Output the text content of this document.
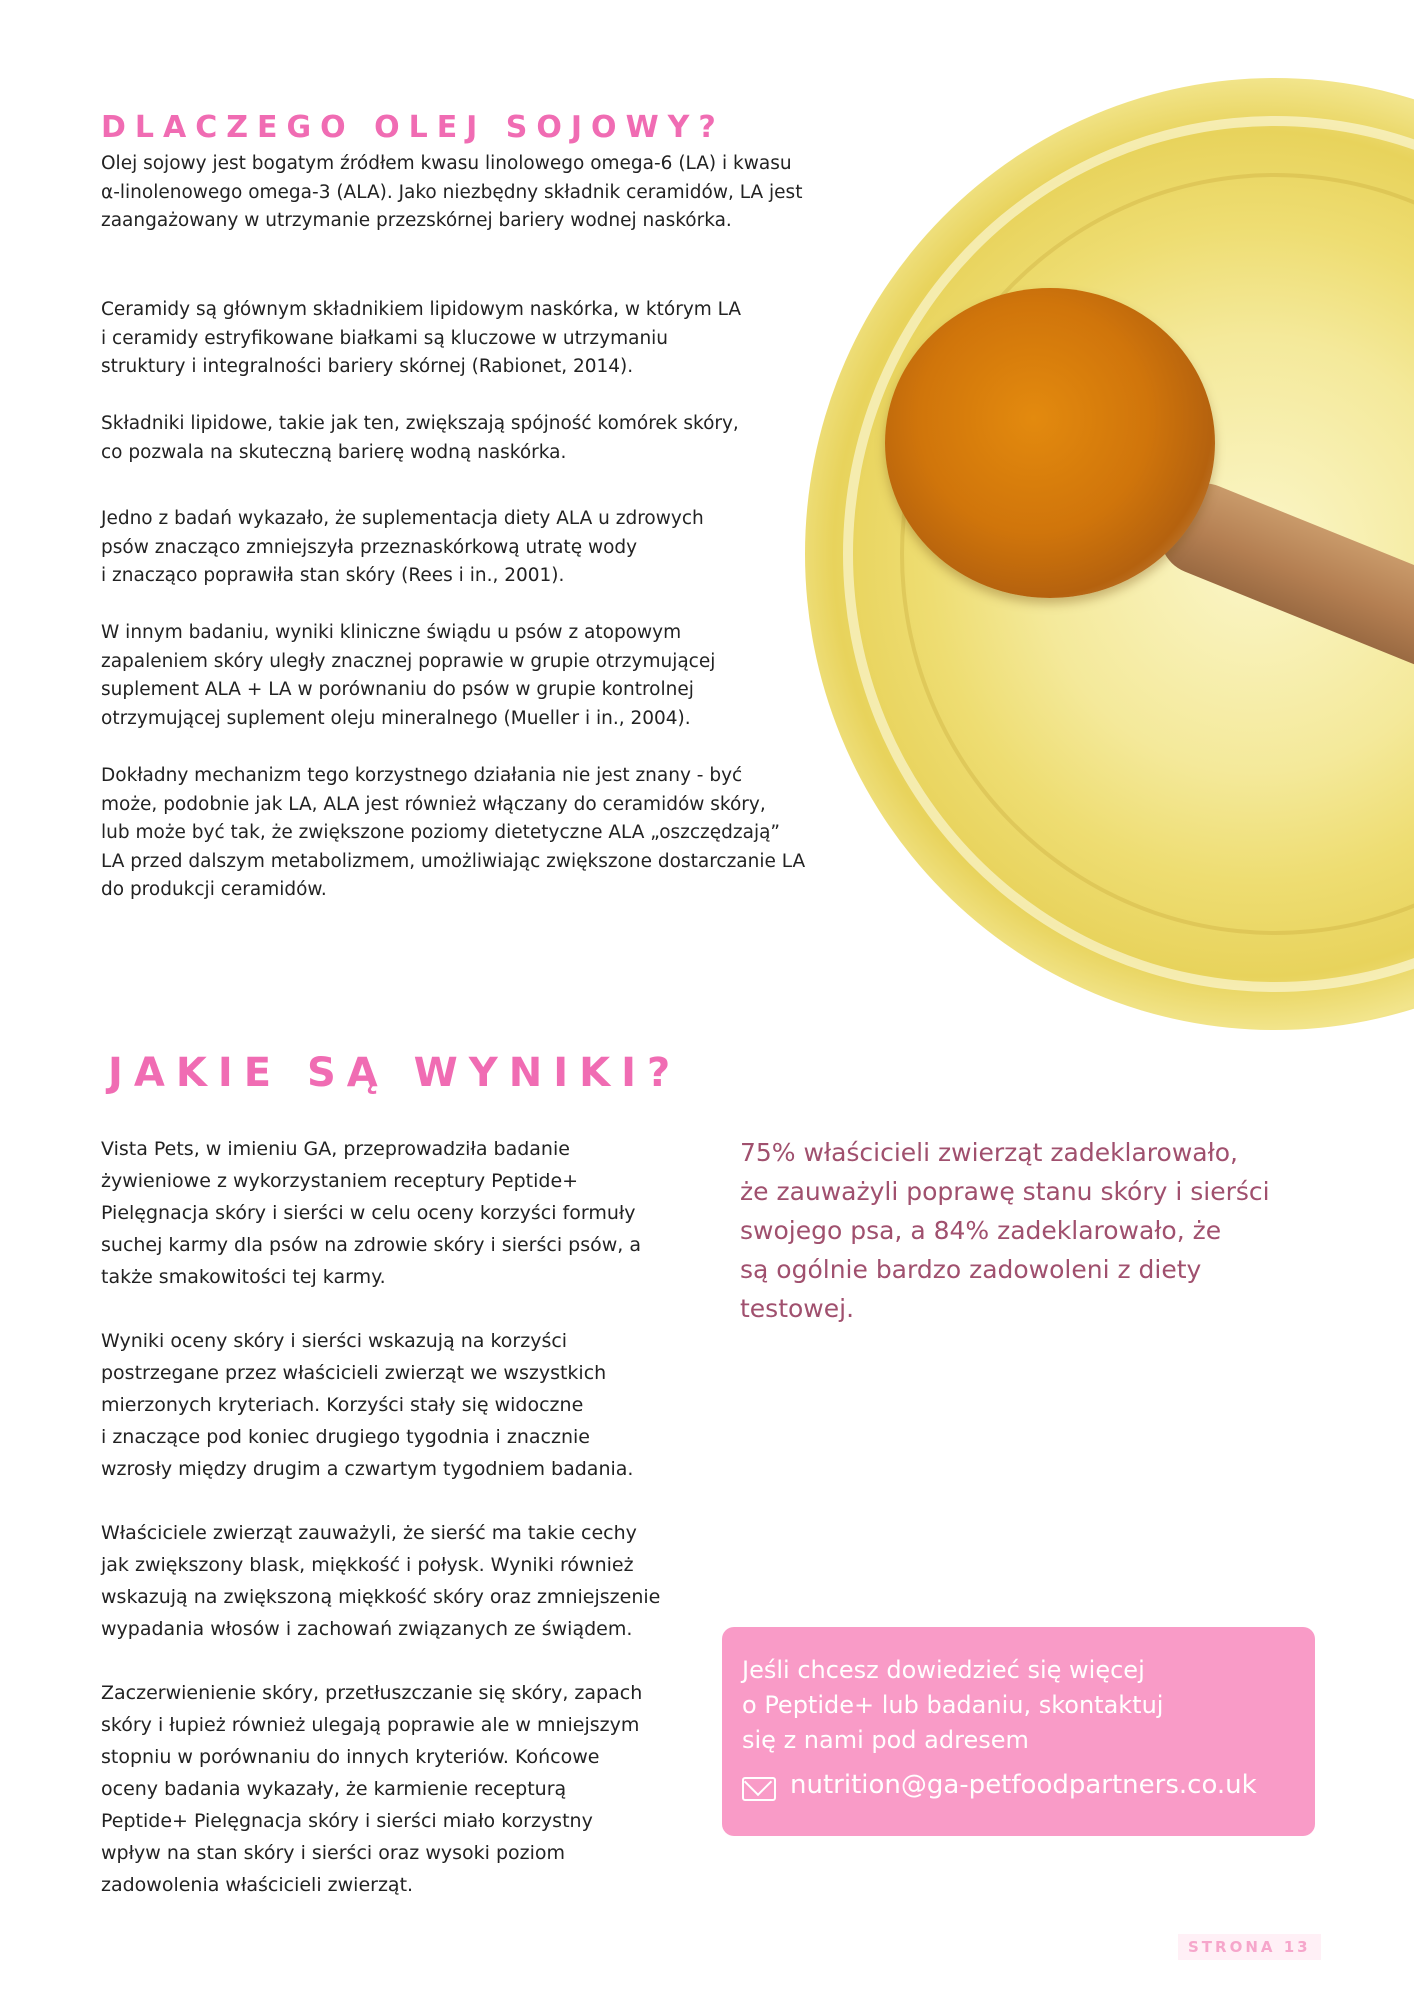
DLACZEGO OLEJ SOJOWY?

Olej sojowy jest bogatym źródłem kwasu linolowego omega-6 (LA) i kwasu
α-linolenowego omega-3 (ALA). Jako niezbędny składnik ceramidów, LA jest
zaangażowany w utrzymanie przezskórnej bariery wodnej naskórka.

Ceramidy są głównym składnikiem lipidowym naskórka, w którym LA
i ceramidy estryfikowane białkami są kluczowe w utrzymaniu
struktury i integralności bariery skórnej (Rabionet, 2014).

Składniki lipidowe, takie jak ten, zwiększają spójność komórek skóry,
co pozwala na skuteczną barierę wodną naskórka.

Jedno z badań wykazało, że suplementacja diety ALA u zdrowych
psów znacząco zmniejszyła przeznaskórkową utratę wody
i znacząco poprawiła stan skóry (Rees i in., 2001).

W innym badaniu, wyniki kliniczne świądu u psów z atopowym
zapaleniem skóry uległy znacznej poprawie w grupie otrzymującej
suplement ALA + LA w porównaniu do psów w grupie kontrolnej
otrzymującej suplement oleju mineralnego (Mueller i in., 2004).

Dokładny mechanizm tego korzystnego działania nie jest znany - być
może, podobnie jak LA, ALA jest również włączany do ceramidów skóry,
lub może być tak, że zwiększone poziomy dietetyczne ALA „oszczędzają”
LA przed dalszym metabolizmem, umożliwiając zwiększone dostarczanie LA
do produkcji ceramidów.

JAKIE SĄ WYNIKI?

Vista Pets, w imieniu GA, przeprowadziła badanie
żywieniowe z wykorzystaniem receptury Peptide+
Pielęgnacja skóry i sierści w celu oceny korzyści formuły
suchej karmy dla psów na zdrowie skóry i sierści psów, a
także smakowitości tej karmy.

Wyniki oceny skóry i sierści wskazują na korzyści
postrzegane przez właścicieli zwierząt we wszystkich
mierzonych kryteriach. Korzyści stały się widoczne
i znaczące pod koniec drugiego tygodnia i znacznie
wzrosły między drugim a czwartym tygodniem badania.

Właściciele zwierząt zauważyli, że sierść ma takie cechy
jak zwiększony blask, miękkość i połysk. Wyniki również
wskazują na zwiększoną miękkość skóry oraz zmniejszenie
wypadania włosów i zachowań związanych ze świądem.

Zaczerwienienie skóry, przetłuszczanie się skóry, zapach
skóry i łupież również ulegają poprawie ale w mniejszym
stopniu w porównaniu do innych kryteriów. Końcowe
oceny badania wykazały, że karmienie recepturą
Peptide+ Pielęgnacja skóry i sierści miało korzystny
wpływ na stan skóry i sierści oraz wysoki poziom
zadowolenia właścicieli zwierząt.

75% właścicieli zwierząt zadeklarowało,
że zauważyli poprawę stanu skóry i sierści
swojego psa, a 84% zadeklarowało, że
są ogólnie bardzo zadowoleni z diety
testowej.

Jeśli chcesz dowiedzieć się więcej
o Peptide+ lub badaniu, skontaktuj
się z nami pod adresem

nutrition@ga-petfoodpartners.co.uk
STRONA 13
